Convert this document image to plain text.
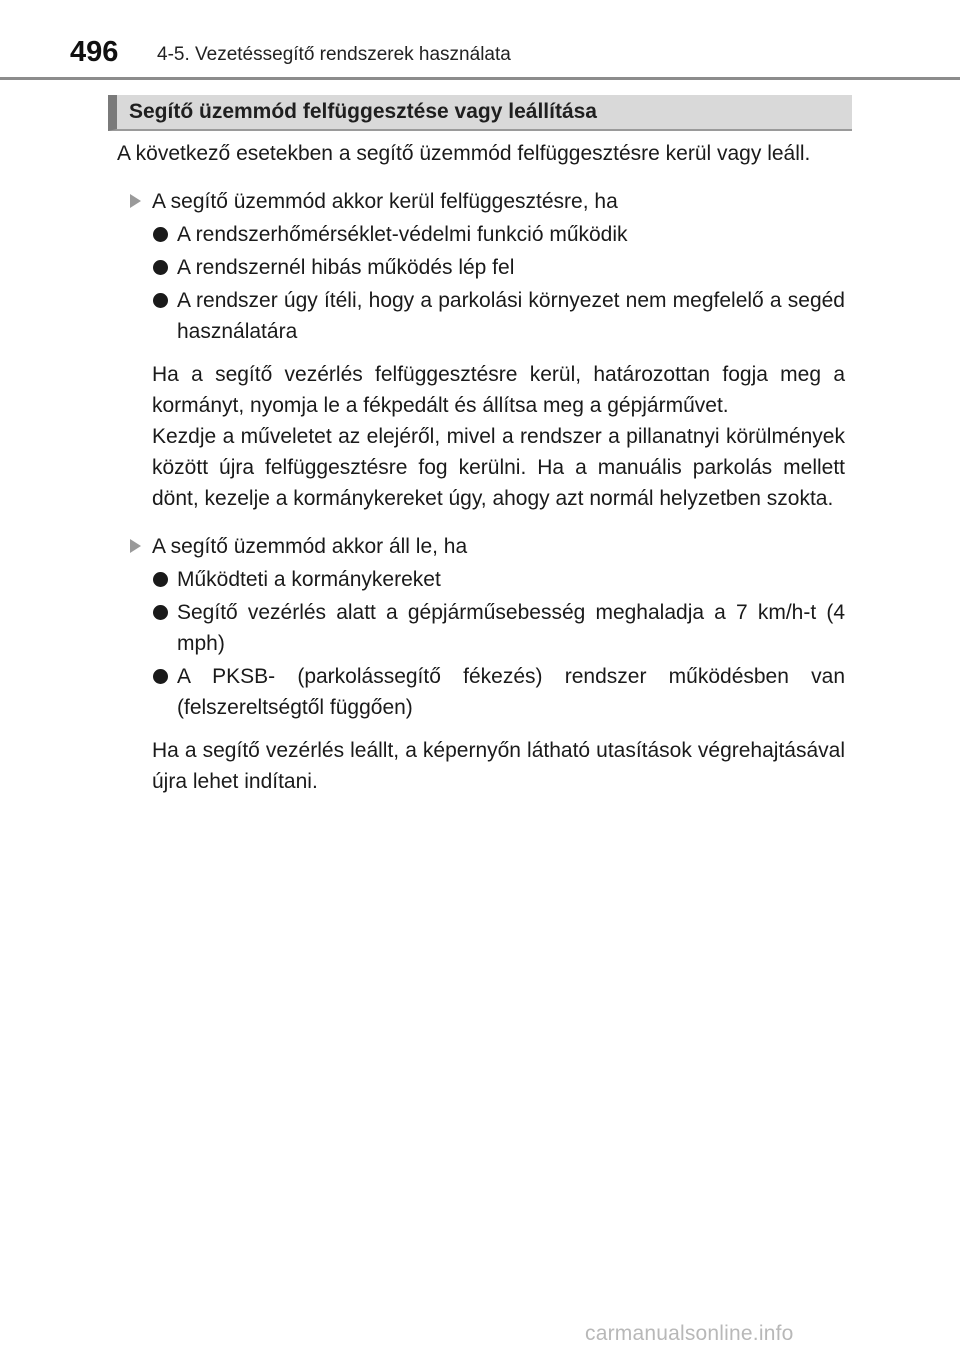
496 4-5. Vezetéssegítő rendszerek használata
Segítő üzemmód felfüggesztése vagy leállítása

A következő esetekben a segítő üzemmód felfüggesztésre kerül vagy leáll.

A segítő üzemmód akkor kerül felfüggesztésre, ha
A rendszerhőmérséklet-védelmi funkció működik
A rendszernél hibás működés lép fel
A rendszer úgy ítéli, hogy a parkolási környezet nem megfelelő a segéd használatára

Ha a segítő vezérlés felfüggesztésre kerül, határozottan fogja meg a kormányt, nyomja le a fékpedált és állítsa meg a gépjárművet.

Kezdje a műveletet az elejéről, mivel a rendszer a pillanatnyi körülmények között újra felfüggesztésre fog kerülni. Ha a manuális parkolás mellett dönt, kezelje a kormánykereket úgy, ahogy azt normál helyzetben szokta.

A segítő üzemmód akkor áll le, ha
Működteti a kormánykereket
Segítő vezérlés alatt a gépjárműsebesség meghaladja a 7 km/h-t (4 mph)
A PKSB- (parkolássegítő fékezés) rendszer működésben van (felszereltségtől függően)

Ha a segítő vezérlés leállt, a képernyőn látható utasítások végrehajtásával újra lehet indítani.

carmanualsonline.info
